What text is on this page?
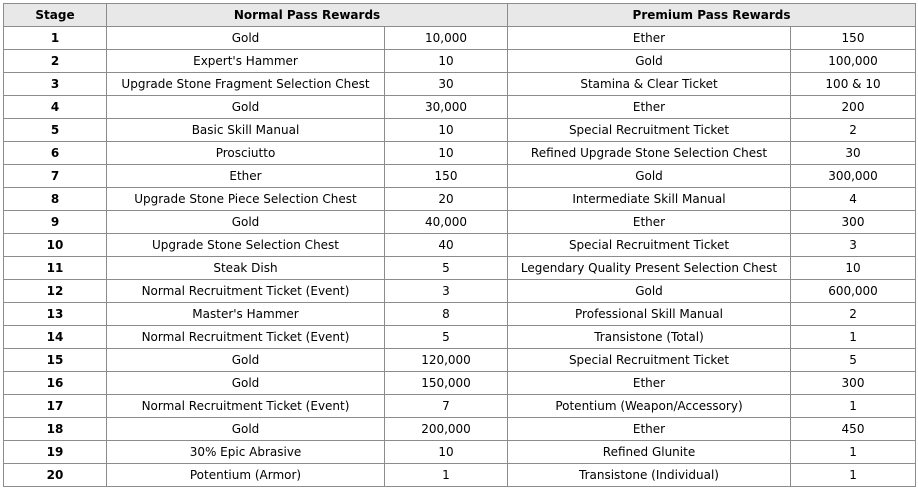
Stage	Normal Pass Rewards		Premium Pass Rewards	
1	Gold	10,000	Ether	150
2	Expert's Hammer	10	Gold	100,000
3	Upgrade Stone Fragment Selection Chest	30	Stamina & Clear Ticket	100 & 10
4	Gold	30,000	Ether	200
5	Basic Skill Manual	10	Special Recruitment Ticket	2
6	Prosciutto	10	Refined Upgrade Stone Selection Chest	30
7	Ether	150	Gold	300,000
8	Upgrade Stone Piece Selection Chest	20	Intermediate Skill Manual	4
9	Gold	40,000	Ether	300
10	Upgrade Stone Selection Chest	40	Special Recruitment Ticket	3
11	Steak Dish	5	Legendary Quality Present Selection Chest	10
12	Normal Recruitment Ticket (Event)	3	Gold	600,000
13	Master's Hammer	8	Professional Skill Manual	2
14	Normal Recruitment Ticket (Event)	5	Transistone (Total)	1
15	Gold	120,000	Special Recruitment Ticket	5
16	Gold	150,000	Ether	300
17	Normal Recruitment Ticket (Event)	7	Potentium (Weapon/Accessory)	1
18	Gold	200,000	Ether	450
19	30% Epic Abrasive	10	Refined Glunite	1
20	Potentium (Armor)	1	Transistone (Individual)	1
